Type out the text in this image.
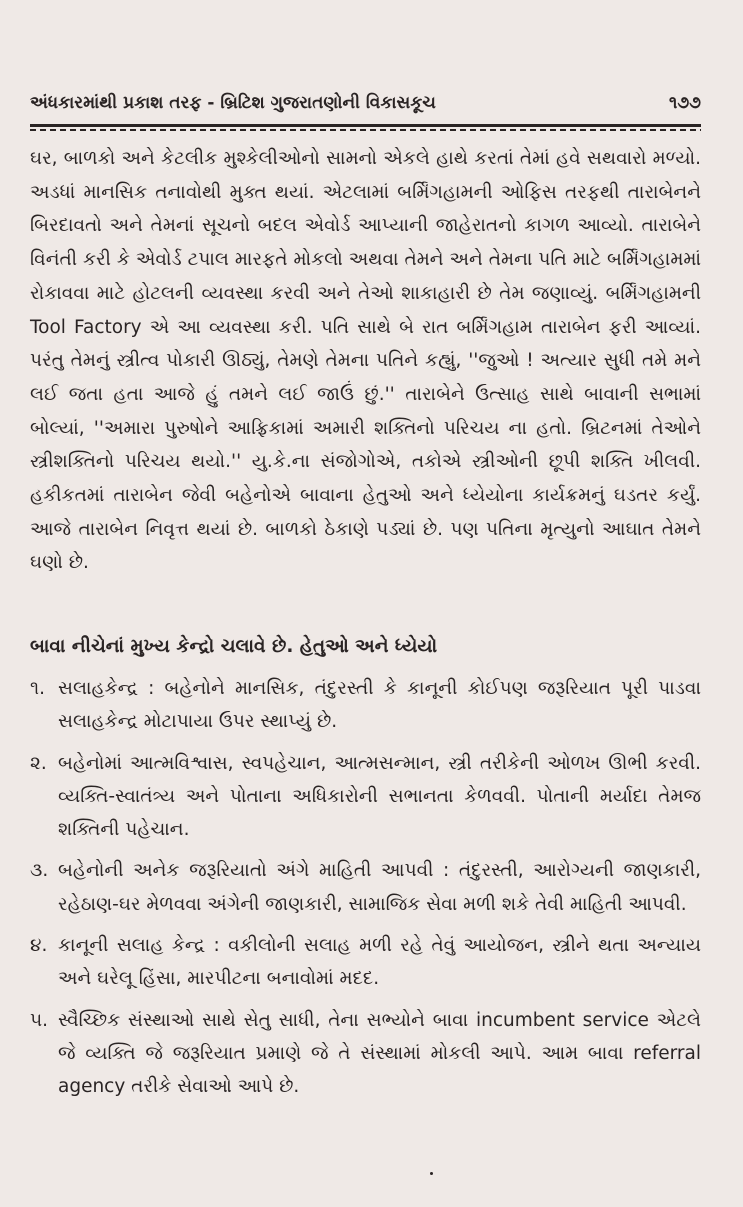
અંધકારમાંથી પ્રકાશ તરફ - બ્રિટિશ ગુજરાતણોની વિકાસકૂચ	૧૭૭

ઘર, બાળકો અને કેટલીક મુશ્કેલીઓનો સામનો એકલે હાથે કરતાં તેમાં હવે સથવારો મળ્યો. અડધાં માનસિક તનાવોથી મુક્ત થયાં. એટલામાં બર્મિંગહામની ઓફિસ તરફથી તારાબેનને બિરદાવતો અને તેમનાં સૂચનો બદલ એવોર્ડ આપ્યાની જાહેરાતનો કાગળ આવ્યો. તારાબેને વિનંતી કરી કે એવોર્ડ ટપાલ મારફતે મોકલો અથવા તેમને અને તેમના પતિ માટે બર્મિંગહામમાં રોકાવવા માટે હોટલની વ્યવસ્થા કરવી અને તેઓ શાકાહારી છે તેમ જણાવ્યું. બર્મિંગહામની Tool Factory એ આ વ્યવસ્થા કરી. પતિ સાથે બે રાત બર્મિંગહામ તારાબેન ફરી આવ્યાં. પરંતુ તેમનું સ્ત્રીત્વ પોકારી ઊઠ્યું, તેમણે તેમના પતિને કહ્યું, ''જુઓ ! અત્યાર સુધી તમે મને લઈ જતા હતા આજે હું તમને લઈ જાઉં છું.'' તારાબેને ઉત્સાહ સાથે બાવાની સભામાં બોલ્યાં, ''અમારા પુરુષોને આફ્રિકામાં અમારી શક્તિનો પરિચય ના હતો. બ્રિટનમાં તેઓને સ્ત્રીશક્તિનો પરિચય થયો.'' યુ.કે.ના સંજોગોએ, તકોએ સ્ત્રીઓની છૂપી શક્તિ ખીલવી. હકીકતમાં તારાબેન જેવી બહેનોએ બાવાના હેતુઓ અને ધ્યેયોના કાર્યક્રમનું ઘડતર કર્યું. આજે તારાબેન નિવૃત્ત થયાં છે. બાળકો ઠેકાણે પડ્યાં છે. પણ પતિના મૃત્યુનો આઘાત તેમને ઘણો છે.

બાવા નીચેનાં મુખ્ય કેન્દ્રો ચલાવે છે. હેતુઓ અને ધ્યેયો
૧. સલાહકેન્દ્ર : બહેનોને માનસિક, તંદુરસ્તી કે કાનૂની કોઈપણ જરૂરિયાત પૂરી પાડવા સલાહકેન્દ્ર મોટાપાયા ઉપર સ્થાપ્યું છે.
૨. બહેનોમાં આત્મવિશ્વાસ, સ્વપહેચાન, આત્મસન્માન, સ્ત્રી તરીકેની ઓળખ ઊભી કરવી. વ્યક્તિ-સ્વાતંત્ર્ય અને પોતાના અધિકારોની સભાનતા કેળવવી. પોતાની મર્યાદા તેમજ શક્તિની પહેચાન.
૩. બહેનોની અનેક જરૂરિયાતો અંગે માહિતી આપવી : તંદુરસ્તી, આરોગ્યની જાણકારી, રહેઠાણ-ઘર મેળવવા અંગેની જાણકારી, સામાજિક સેવા મળી શકે તેવી માહિતી આપવી.
૪. કાનૂની સલાહ કેન્દ્ર : વકીલોની સલાહ મળી રહે તેવું આયોજન, સ્ત્રીને થતા અન્યાય અને ઘરેલૂ હિંસા, મારપીટના બનાવોમાં મદદ.
૫. સ્વૈચ્છિક સંસ્થાઓ સાથે સેતુ સાધી, તેના સભ્યોને બાવા incumbent service એટલે જે વ્યક્તિ જે જરૂરિયાત પ્રમાણે જે તે સંસ્થામાં મોકલી આપે. આમ બાવા referral agency તરીકે સેવાઓ આપે છે.
